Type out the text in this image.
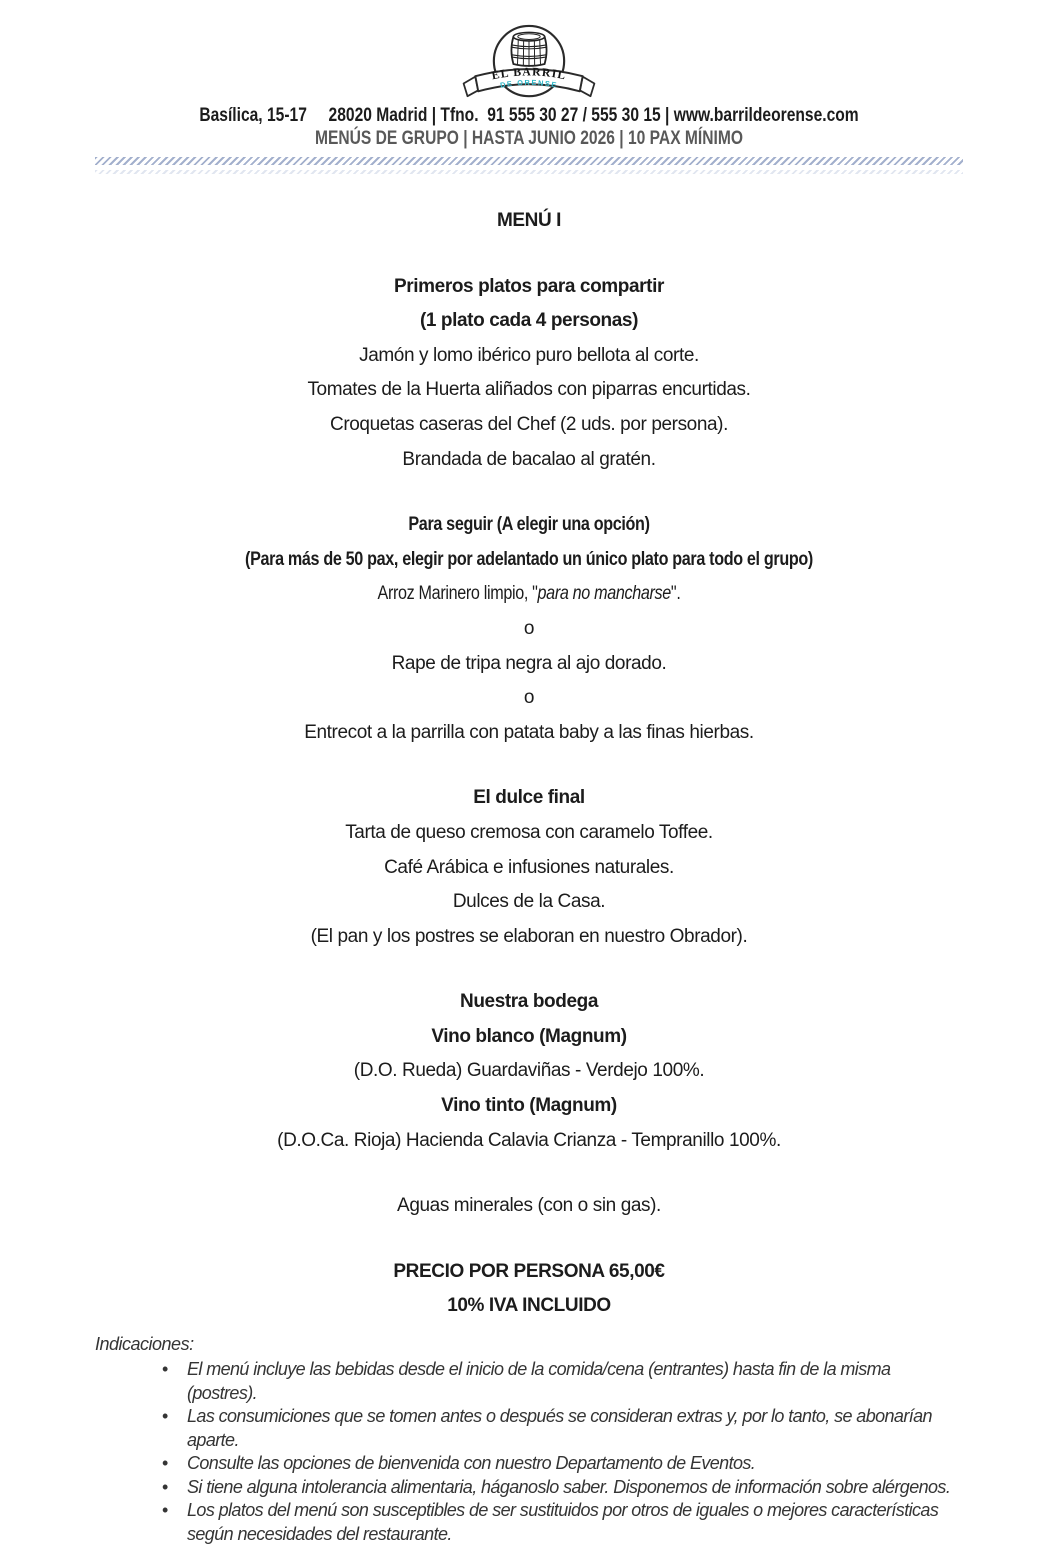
EL BARRIL
DE ORENSE
Basílica, 15-17     28020 Madrid | Tfno.  91 555 30 27 / 555 30 15 | www.barrildeorense.com
MENÚS DE GRUPO | HASTA JUNIO 2026 | 10 PAX MÍNIMO
MENÚ I
Primeros platos para compartir
(1 plato cada 4 personas)
Jamón y lomo ibérico puro bellota al corte.
Tomates de la Huerta aliñados con piparras encurtidas.
Croquetas caseras del Chef (2 uds. por persona).
Brandada de bacalao al gratén.
Para seguir (A elegir una opción)
(Para más de 50 pax, elegir por adelantado un único plato para todo el grupo)
Arroz Marinero limpio, "para no mancharse".
o
Rape de tripa negra al ajo dorado.
o
Entrecot a la parrilla con patata baby a las finas hierbas.
El dulce final
Tarta de queso cremosa con caramelo Toffee.
Café Arábica e infusiones naturales.
Dulces de la Casa.
(El pan y los postres se elaboran en nuestro Obrador).
Nuestra bodega
Vino blanco (Magnum)
(D.O. Rueda) Guardaviñas - Verdejo 100%.
Vino tinto (Magnum)
(D.O.Ca. Rioja) Hacienda Calavia Crianza - Tempranillo 100%.
Aguas minerales (con o sin gas).
PRECIO POR PERSONA 65,00€
10% IVA INCLUIDO
Indicaciones:
• El menú incluye las bebidas desde el inicio de la comida/cena (entrantes) hasta fin de la misma (postres).
• Las consumiciones que se tomen antes o después se consideran extras y, por lo tanto, se abonarían aparte.
• Consulte las opciones de bienvenida con nuestro Departamento de Eventos.
• Si tiene alguna intolerancia alimentaria, háganoslo saber. Disponemos de información sobre alérgenos.
• Los platos del menú son susceptibles de ser sustituidos por otros de iguales o mejores características según necesidades del restaurante.
